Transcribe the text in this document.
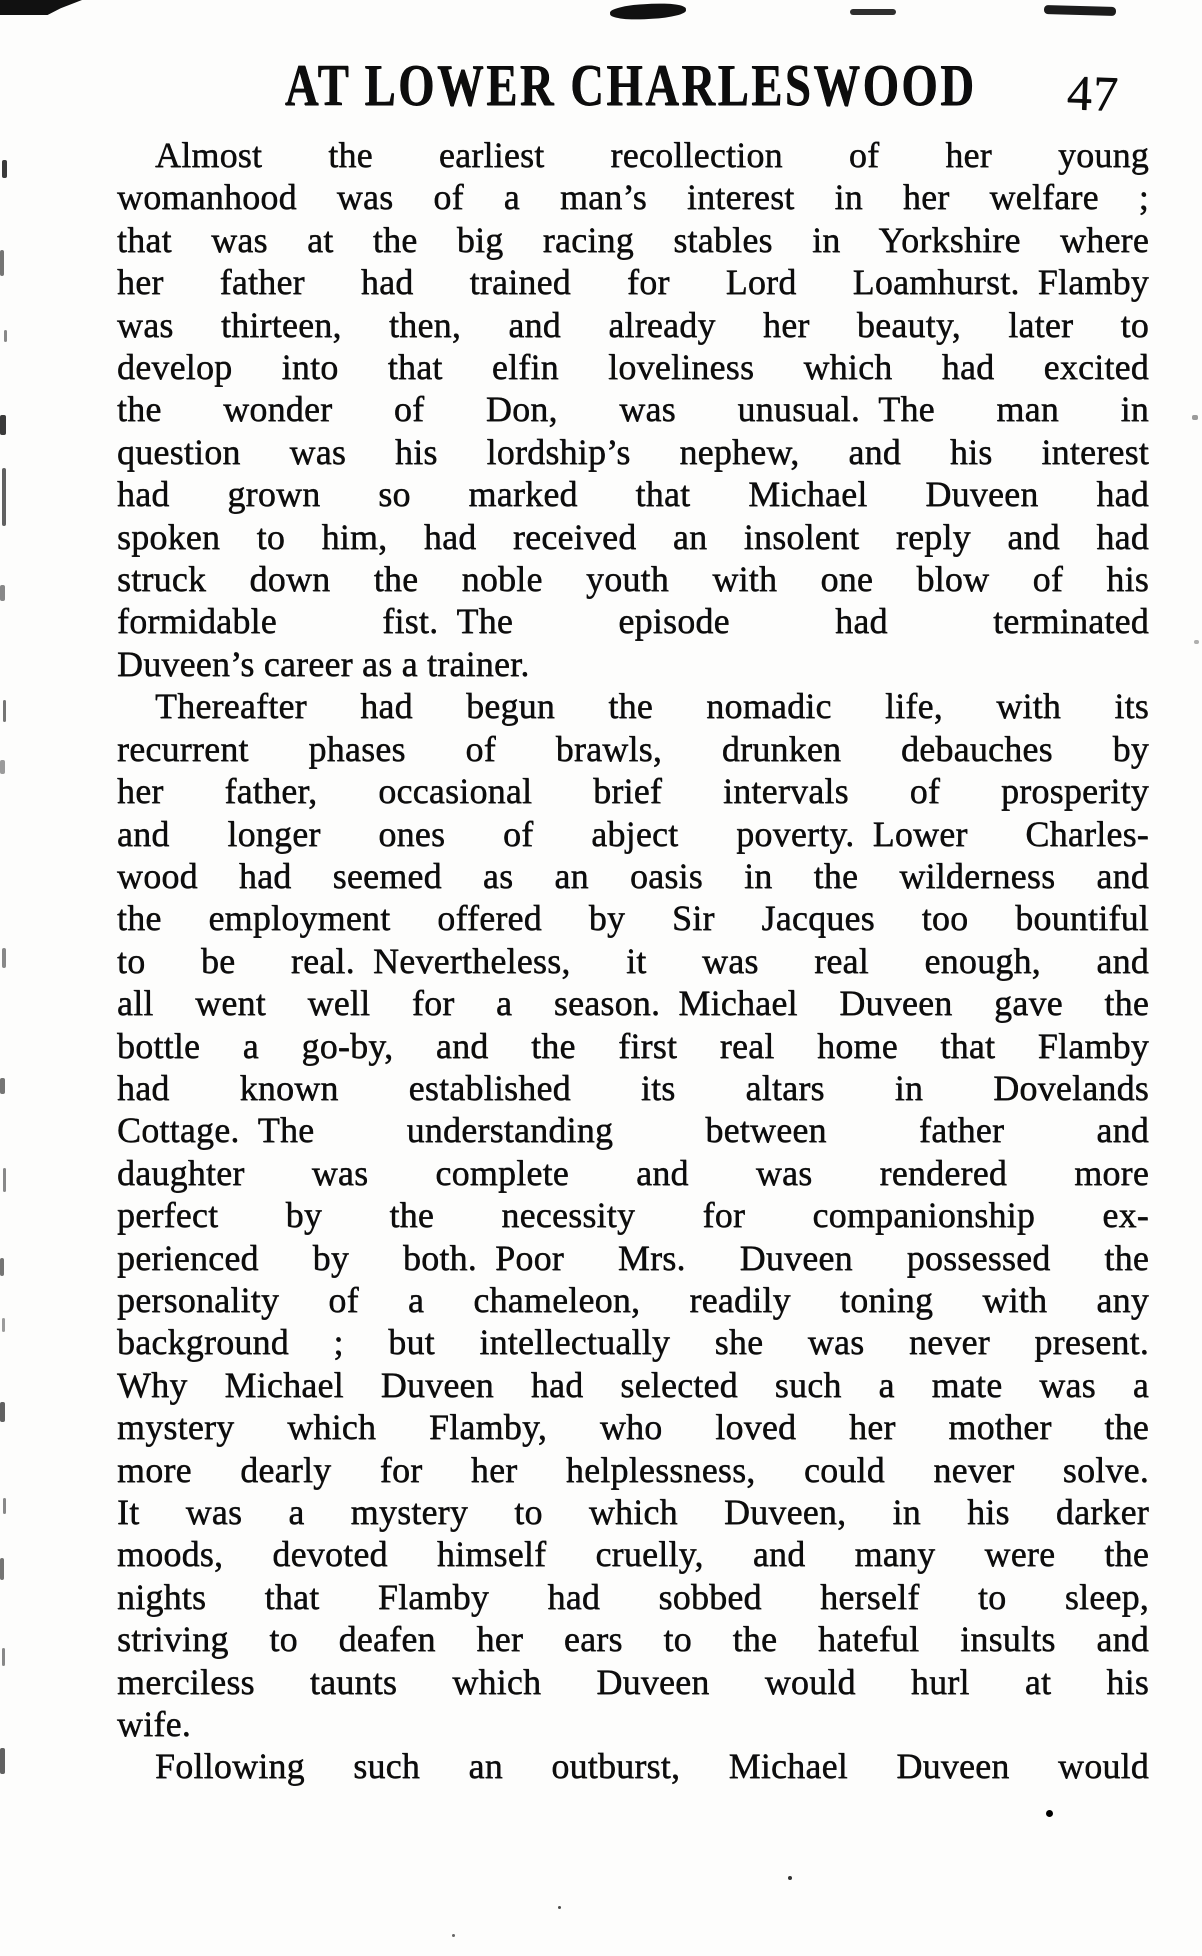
AT LOWER CHARLESWOOD 47
Almost the earliest recollection of her young
womanhood was of a man’s interest in her welfare ;
that was at the big racing stables in Yorkshire where
her father had trained for Lord Loamhurst. Flamby
was thirteen, then, and already her beauty, later to
develop into that elfin loveliness which had excited
the wonder of Don, was unusual. The man in
question was his lordship’s nephew, and his interest
had grown so marked that Michael Duveen had
spoken to him, had received an insolent reply and had
struck down the noble youth with one blow of his
formidable fist. The episode had terminated
Duveen’s career as a trainer.
Thereafter had begun the nomadic life, with its
recurrent phases of brawls, drunken debauches by
her father, occasional brief intervals of prosperity
and longer ones of abject poverty. Lower Charles-
wood had seemed as an oasis in the wilderness and
the employment offered by Sir Jacques too bountiful
to be real. Nevertheless, it was real enough, and
all went well for a season. Michael Duveen gave the
bottle a go-by, and the first real home that Flamby
had known established its altars in Dovelands
Cottage. The understanding between father and
daughter was complete and was rendered more
perfect by the necessity for companionship ex-
perienced by both. Poor Mrs. Duveen possessed the
personality of a chameleon, readily toning with any
background ; but intellectually she was never present.
Why Michael Duveen had selected such a mate was a
mystery which Flamby, who loved her mother the
more dearly for her helplessness, could never solve.
It was a mystery to which Duveen, in his darker
moods, devoted himself cruelly, and many were the
nights that Flamby had sobbed herself to sleep,
striving to deafen her ears to the hateful insults and
merciless taunts which Duveen would hurl at his
wife.
Following such an outburst, Michael Duveen would
